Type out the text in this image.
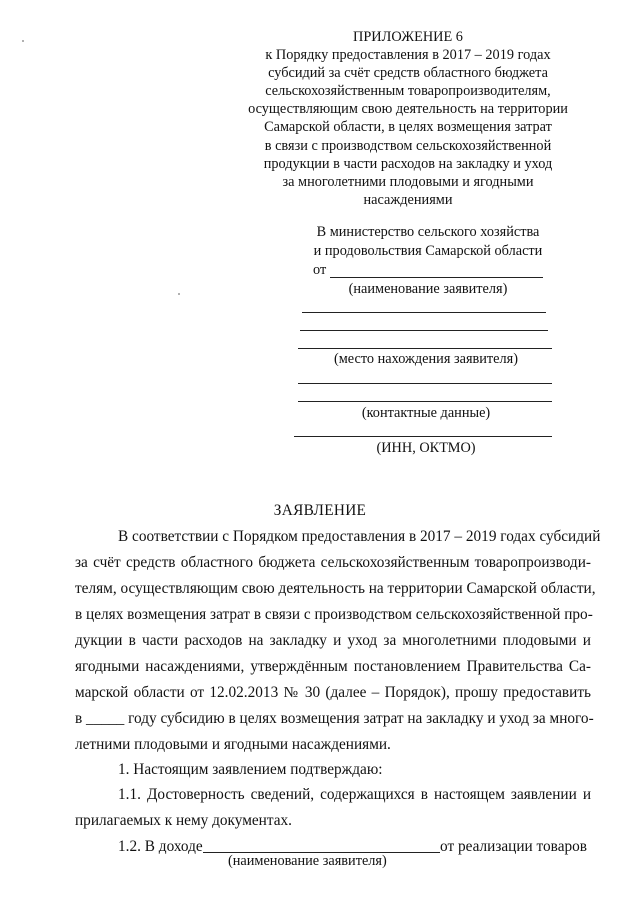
ПРИЛОЖЕНИЕ 6
к Порядку предоставления в 2017 – 2019 годах
субсидий за счёт средств областного бюджета
сельскохозяйственным товаропроизводителям,
осуществляющим свою деятельность на территории
Самарской области, в целях возмещения затрат
в связи с производством сельскохозяйственной
продукции в части расходов на закладку и уход
за многолетними плодовыми и ягодными
насаждениями
В министерство сельского хозяйства
и продовольствия Самарской области
от
(наименование заявителя)
(место нахождения заявителя)
(контактные данные)
(ИНН, ОКТМО)
ЗАЯВЛЕНИЕ
В соответствии с Порядком предоставления в 2017 – 2019 годах субсидий
за счёт средств областного бюджета сельскохозяйственным товаропроизводи-
телям, осуществляющим свою деятельность на территории Самарской области,
в целях возмещения затрат в связи с производством сельскохозяйственной про-
дукции в части расходов на закладку и уход за многолетними плодовыми и
ягодными насаждениями, утверждённым постановлением Правительства Са-
марской области от 12.02.2013 № 30 (далее – Порядок), прошу предоставить
в _____ году субсидию в целях возмещения затрат на закладку и уход за много-
летними плодовыми и ягодными насаждениями.
1. Настоящим заявлением подтверждаю:
1.1. Достоверность сведений, содержащихся в настоящем заявлении и
прилагаемых к нему документах.
1.2. В доходе	от реализации товаров
(наименование заявителя)
